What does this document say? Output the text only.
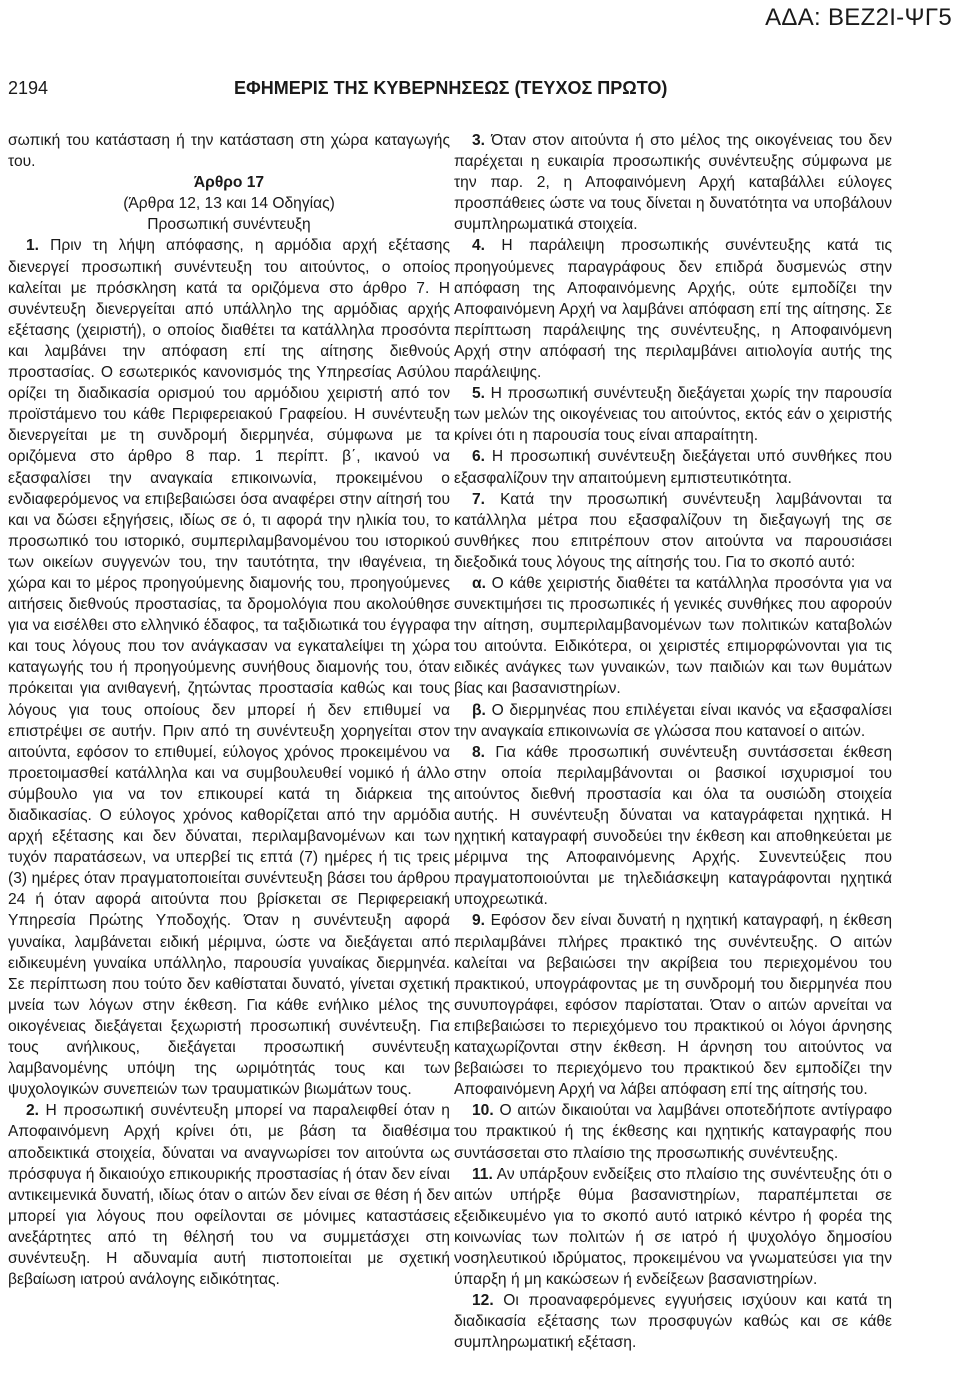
ΑΔΑ: ΒΕΖ2Ι-ΨΓ5
2194	ΕΦΗΜΕΡΙΣ ΤΗΣ ΚΥΒΕΡΝΗΣΕΩΣ (ΤΕΥΧΟΣ ΠΡΩΤΟ)

σωπική του κατάσταση ή την κατάσταση στη χώρα καταγωγής του.

Άρθρο 17

(Άρθρα 12, 13 και 14 Οδηγίας)

Προσωπική συνέντευξη

1. Πριν τη λήψη απόφασης, η αρμόδια αρχή εξέτασης διενεργεί προσωπική συνέντευξη του αιτούντος, ο οποίος καλείται με πρόσκληση κατά τα οριζόμενα στο άρθρο 7. Η συνέντευξη διενεργείται από υπάλληλο της αρμόδιας αρχής εξέτασης (χειριστή), ο οποίος διαθέτει τα κατάλληλα προσόντα και λαμβάνει την απόφαση επί της αίτησης διεθνούς προστασίας. Ο εσωτερικός κανονισμός της Υπηρεσίας Ασύλου ορίζει τη διαδικασία ορισμού του αρμόδιου χειριστή από τον προϊστάμενο του κάθε Περιφερειακού Γραφείου. Η συνέντευξη διενεργείται με τη συνδρομή διερμηνέα, σύμφωνα με τα οριζόμενα στο άρθρο 8 παρ. 1 περίπτ. β΄, ικανού να εξασφαλίσει την αναγκαία επικοινωνία, προκειμένου ο ενδιαφερόμενος να επιβεβαιώσει όσα αναφέρει στην αίτησή του και να δώσει εξηγήσεις, ιδίως σε ό, τι αφορά την ηλικία του, το προσωπικό του ιστορικό, συμπεριλαμβανομένου του ιστορικού των οικείων συγγενών του, την ταυτότητα, την ιθαγένεια, τη χώρα και το μέρος προηγούμενης διαμονής του, προηγούμενες αιτήσεις διεθνούς προστασίας, τα δρομολόγια που ακολούθησε για να εισέλθει στο ελληνικό έδαφος, τα ταξιδιωτικά του έγγραφα και τους λόγους που τον ανάγκασαν να εγκαταλείψει τη χώρα καταγωγής του ή προηγούμενης συνήθους διαμονής του, όταν πρόκειται για ανιθαγενή, ζητώντας προστασία καθώς και τους λόγους για τους οποίους δεν μπορεί ή δεν επιθυμεί να επιστρέψει σε αυτήν. Πριν από τη συνέντευξη χορηγείται στον αιτούντα, εφόσον το επιθυμεί, εύλογος χρόνος προκειμένου να προετοιμασθεί κατάλληλα και να συμβουλευθεί νομικό ή άλλο σύμβουλο για να τον επικουρεί κατά τη διάρκεια της διαδικασίας. Ο εύλογος χρόνος καθορίζεται από την αρμόδια αρχή εξέτασης και δεν δύναται, περιλαμβανομένων και των τυχόν παρατάσεων, να υπερβεί τις επτά (7) ημέρες ή τις τρεις (3) ημέρες όταν πραγματοποιείται συνέντευξη βάσει του άρθρου 24 ή όταν αφορά αιτούντα που βρίσκεται σε Περιφερειακή Υπηρεσία Πρώτης Υποδοχής. Όταν η συνέντευξη αφορά γυναίκα, λαμβάνεται ειδική μέριμνα, ώστε να διεξάγεται από ειδικευμένη γυναίκα υπάλληλο, παρουσία γυναίκας διερμηνέα. Σε περίπτωση που τούτο δεν καθίσταται δυνατό, γίνεται σχετική μνεία των λόγων στην έκθεση. Για κάθε ενήλικο μέλος της οικογένειας διεξάγεται ξεχωριστή προσωπική συνέντευξη. Για τους ανήλικους, διεξάγεται προσωπική συνέντευξη λαμβανομένης υπόψη της ωριμότητάς τους και των ψυχολογικών συνεπειών των τραυματικών βιωμάτων τους.

2. Η προσωπική συνέντευξη μπορεί να παραλειφθεί όταν η Αποφαινόμενη Αρχή κρίνει ότι, με βάση τα διαθέσιμα αποδεικτικά στοιχεία, δύναται να αναγνωρίσει τον αιτούντα ως πρόσφυγα ή δικαιούχο επικουρικής προστασίας ή όταν δεν είναι αντικειμενικά δυνατή, ιδίως όταν ο αιτών δεν είναι σε θέση ή δεν μπορεί για λόγους που οφείλονται σε μόνιμες καταστάσεις ανεξάρτητες από τη θέλησή του να συμμετάσχει στη συνέντευξη. Η αδυναμία αυτή πιστοποιείται με σχετική βεβαίωση ιατρού ανάλογης ειδικότητας.

3. Όταν στον αιτούντα ή στο μέλος της οικογένειας του δεν παρέχεται η ευκαιρία προσωπικής συνέντευξης σύμφωνα με την παρ. 2, η Αποφαινόμενη Αρχή καταβάλλει εύλογες προσπάθειες ώστε να τους δίνεται η δυνατότητα να υποβάλουν συμπληρωματικά στοιχεία.

4. Η παράλειψη προσωπικής συνέντευξης κατά τις προηγούμενες παραγράφους δεν επιδρά δυσμενώς στην απόφαση της Αποφαινόμενης Αρχής, ούτε εμποδίζει την Αποφαινόμενη Αρχή να λαμβάνει απόφαση επί της αίτησης. Σε περίπτωση παράλειψης της συνέντευξης, η Αποφαινόμενη Αρχή στην απόφασή της περιλαμβάνει αιτιολογία αυτής της παράλειψης.

5. Η προσωπική συνέντευξη διεξάγεται χωρίς την παρουσία των μελών της οικογένειας του αιτούντος, εκτός εάν ο χειριστής κρίνει ότι η παρουσία τους είναι απαραίτητη.

6. Η προσωπική συνέντευξη διεξάγεται υπό συνθήκες που εξασφαλίζουν την απαιτούμενη εμπιστευτικότητα.

7. Κατά την προσωπική συνέντευξη λαμβάνονται τα κατάλληλα μέτρα που εξασφαλίζουν τη διεξαγωγή της σε συνθήκες που επιτρέπουν στον αιτούντα να παρουσιάσει διεξοδικά τους λόγους της αίτησής του. Για το σκοπό αυτό:

α. Ο κάθε χειριστής διαθέτει τα κατάλληλα προσόντα για να συνεκτιμήσει τις προσωπικές ή γενικές συνθήκες που αφορούν την αίτηση, συμπεριλαμβανομένων των πολιτικών καταβολών του αιτούντα. Ειδικότερα, οι χειριστές επιμορφώνονται για τις ειδικές ανάγκες των γυναικών, των παιδιών και των θυμάτων βίας και βασανιστηρίων.

β. Ο διερμηνέας που επιλέγεται είναι ικανός να εξασφαλίσει την αναγκαία επικοινωνία σε γλώσσα που κατανοεί ο αιτών.

8. Για κάθε προσωπική συνέντευξη συντάσσεται έκθεση στην οποία περιλαμβάνονται οι βασικοί ισχυρισμοί του αιτούντος διεθνή προστασία και όλα τα ουσιώδη στοιχεία αυτής. Η συνέντευξη δύναται να καταγράφεται ηχητικά. Η ηχητική καταγραφή συνοδεύει την έκθεση και αποθηκεύεται με μέριμνα της Αποφαινόμενης Αρχής. Συνεντεύξεις που πραγματοποιούνται με τηλεδιάσκεψη καταγράφονται ηχητικά υποχρεωτικά.

9. Εφόσον δεν είναι δυνατή η ηχητική καταγραφή, η έκθεση περιλαμβάνει πλήρες πρακτικό της συνέντευξης. Ο αιτών καλείται να βεβαιώσει την ακρίβεια του περιεχομένου του πρακτικού, υπογράφοντας με τη συνδρομή του διερμηνέα που συνυπογράφει, εφόσον παρίσταται. Όταν ο αιτών αρνείται να επιβεβαιώσει το περιεχόμενο του πρακτικού οι λόγοι άρνησης καταχωρίζονται στην έκθεση. Η άρνηση του αιτούντος να βεβαιώσει το περιεχόμενο του πρακτικού δεν εμποδίζει την Αποφαινόμενη Αρχή να λάβει απόφαση επί της αίτησής του.

10. Ο αιτών δικαιούται να λαμβάνει οποτεδήποτε αντίγραφο του πρακτικού ή της έκθεσης και ηχητικής καταγραφής που συντάσσεται στο πλαίσιο της προσωπικής συνέντευξης.

11. Αν υπάρξουν ενδείξεις στο πλαίσιο της συνέντευξης ότι ο αιτών υπήρξε θύμα βασανιστηρίων, παραπέμπεται σε εξειδικευμένο για το σκοπό αυτό ιατρικό κέντρο ή φορέα της κοινωνίας των πολιτών ή σε ιατρό ή ψυχολόγο δημοσίου νοσηλευτικού ιδρύματος, προκειμένου να γνωματεύσει για την ύπαρξη ή μη κακώσεων ή ενδείξεων βασανιστηρίων.

12. Οι προαναφερόμενες εγγυήσεις ισχύουν και κατά τη διαδικασία εξέτασης των προσφυγών καθώς και σε κάθε συμπληρωματική εξέταση.
